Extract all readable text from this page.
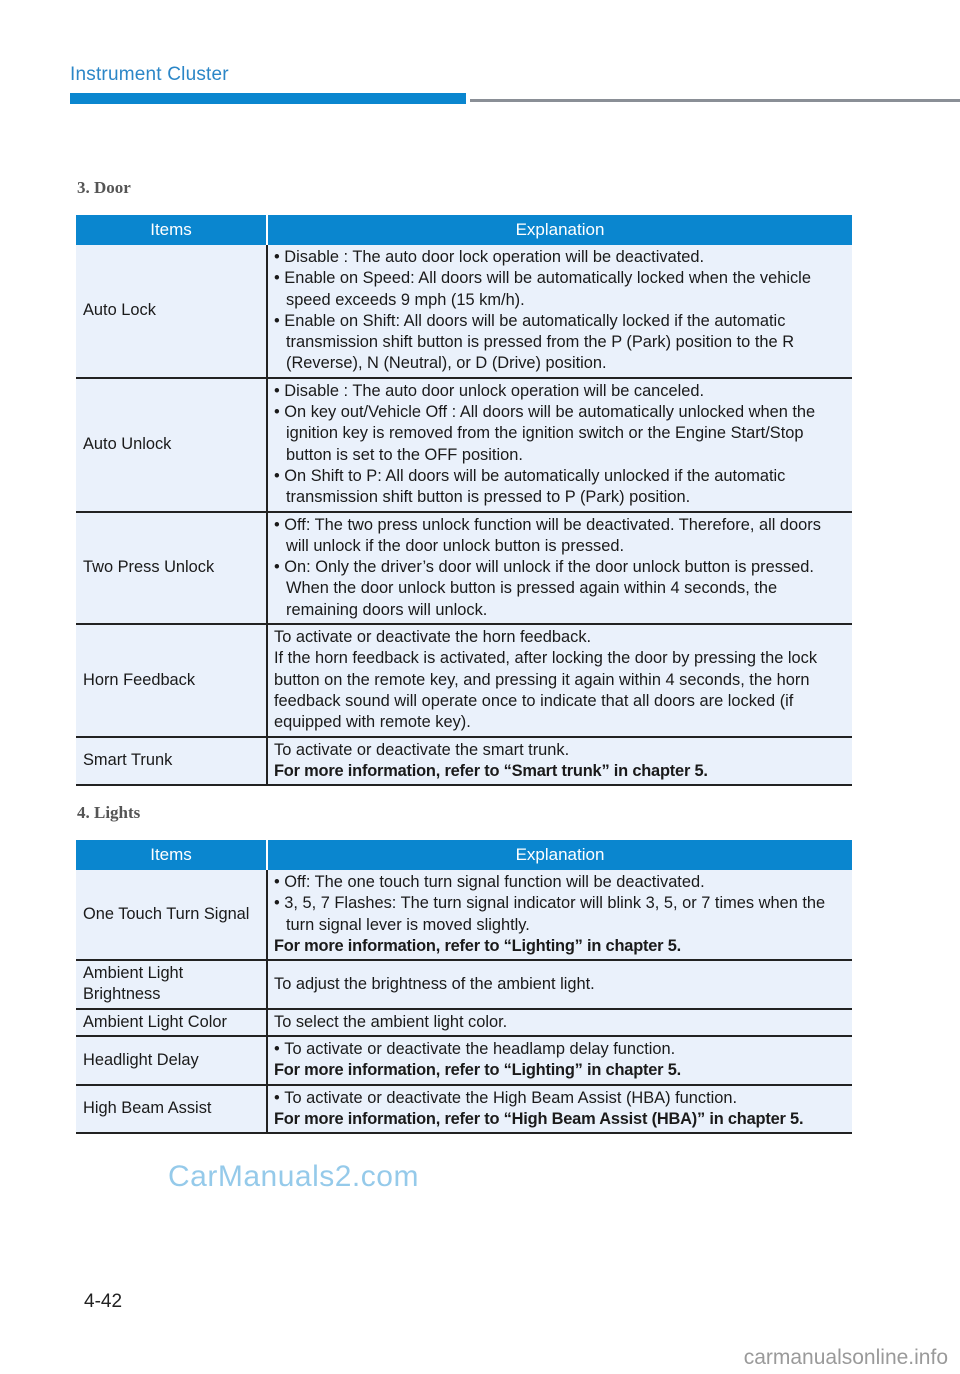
Instrument Cluster
3. Door
Items	Explanation
Auto Lock	• Disable : The auto door lock operation will be deactivated.
• Enable on Speed: All doors will be automatically locked when the vehicle speed exceeds 9 mph (15 km/h).
• Enable on Shift: All doors will be automatically locked if the automatic transmission shift button is pressed from the P (Park) position to the R (Reverse), N (Neutral), or D (Drive) position.

Auto Unlock	• Disable : The auto door unlock operation will be canceled.
• On key out/Vehicle Off : All doors will be automatically unlocked when the ignition key is removed from the ignition switch or the Engine Start/Stop button is set to the OFF position.
• On Shift to P: All doors will be automatically unlocked if the automatic transmission shift button is pressed to P (Park) position.

Two Press Unlock	• Off: The two press unlock function will be deactivated. Therefore, all doors will unlock if the door unlock button is pressed.
• On: Only the driver’s door will unlock if the door unlock button is pressed. When the door unlock button is pressed again within 4 seconds, the remaining doors will unlock.

Horn Feedback	To activate or deactivate the horn feedback.
If the horn feedback is activated, after locking the door by pressing the lock button on the remote key, and pressing it again within 4 seconds, the horn feedback sound will operate once to indicate that all doors are locked (if equipped with remote key).

Smart Trunk	To activate or deactivate the smart trunk.
For more information, refer to “Smart trunk” in chapter 5.
4. Lights
Items	Explanation
One Touch Turn Signal	• Off: The one touch turn signal function will be deactivated.
• 3, 5, 7 Flashes: The turn signal indicator will blink 3, 5, or 7 times when the turn signal lever is moved slightly.
For more information, refer to “Lighting” in chapter 5.

Ambient Light Brightness	To adjust the brightness of the ambient light.

Ambient Light Color	To select the ambient light color.

Headlight Delay	• To activate or deactivate the headlamp delay function.
For more information, refer to “Lighting” in chapter 5.

High Beam Assist	• To activate or deactivate the High Beam Assist (HBA) function.
For more information, refer to “High Beam Assist (HBA)” in chapter 5.
CarManuals2.com
4-42
carmanualsonline.info
